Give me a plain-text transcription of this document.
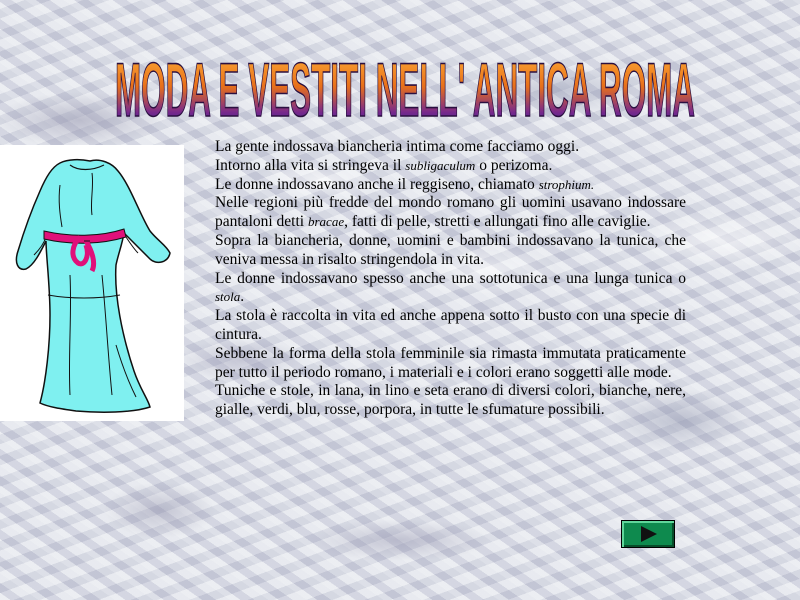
MODA E VESTITI NELL' ANTICA ROMA

La gente indossava biancheria intima come facciamo oggi.

Intorno alla vita si stringeva il subligaculum o perizoma.

Le donne indossavano anche il reggiseno, chiamato strophium.

Nelle regioni più fredde del mondo romano gli uomini usavano indossare pantaloni detti bracae, fatti di pelle, stretti e allungati fino alle caviglie.

Sopra la biancheria, donne, uomini e bambini indossavano la tunica, che veniva messa in risalto stringendola in vita.

Le donne indossavano spesso anche una sottotunica e una lunga tunica o stola.

La stola è raccolta in vita ed anche appena sotto il busto con una specie di cintura.

Sebbene la forma della stola femminile sia rimasta immutata praticamente per tutto il periodo romano, i materiali e i colori erano soggetti alle mode.

Tuniche e stole, in lana, in lino e seta erano di diversi colori, bianche, nere, gialle, verdi, blu, rosse, porpora, in tutte le sfumature possibili.
